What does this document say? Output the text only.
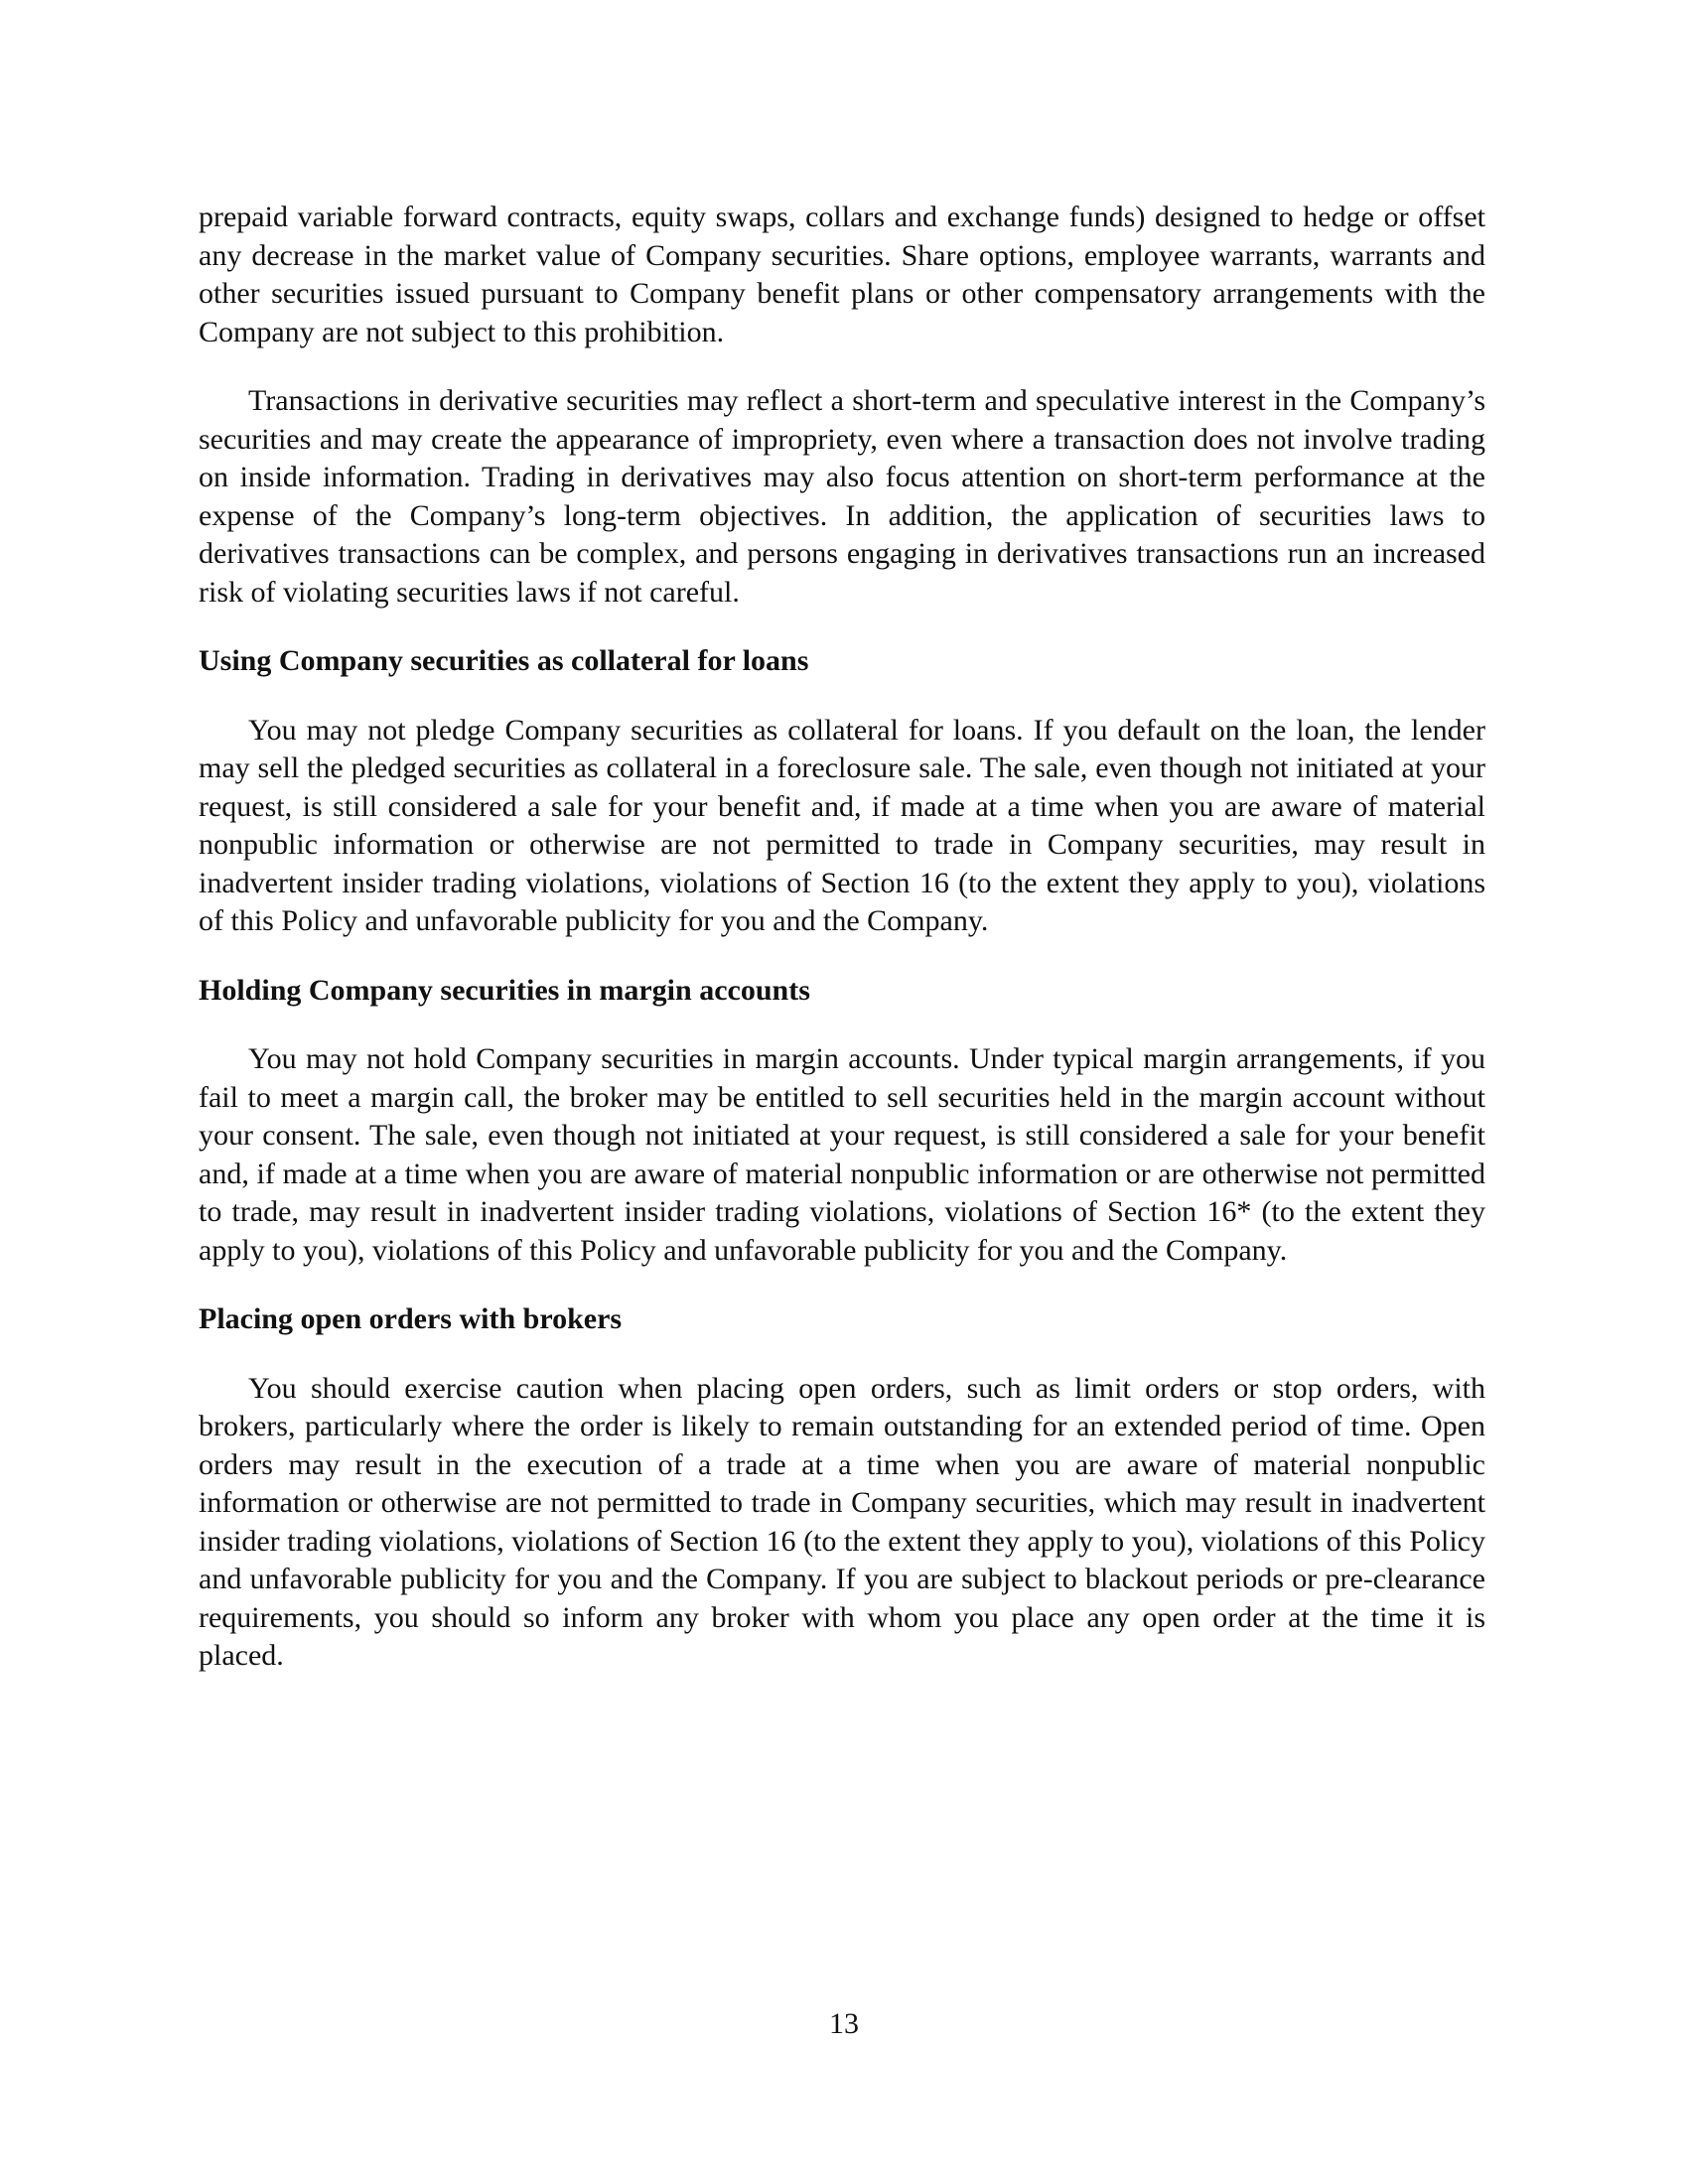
prepaid variable forward contracts, equity swaps, collars and exchange funds) designed to hedge or offset any decrease in the market value of Company securities. Share options, employee warrants, warrants and other securities issued pursuant to Company benefit plans or other compensatory arrangements with the Company are not subject to this prohibition.

Transactions in derivative securities may reflect a short-term and speculative interest in the Company’s securities and may create the appearance of impropriety, even where a transaction does not involve trading on inside information. Trading in derivatives may also focus attention on short-term performance at the expense of the Company’s long-term objectives. In addition, the application of securities laws to derivatives transactions can be complex, and persons engaging in derivatives transactions run an increased risk of violating securities laws if not careful.

Using Company securities as collateral for loans

You may not pledge Company securities as collateral for loans. If you default on the loan, the lender may sell the pledged securities as collateral in a foreclosure sale. The sale, even though not initiated at your request, is still considered a sale for your benefit and, if made at a time when you are aware of material nonpublic information or otherwise are not permitted to trade in Company securities, may result in inadvertent insider trading violations, violations of Section 16 (to the extent they apply to you), violations of this Policy and unfavorable publicity for you and the Company.

Holding Company securities in margin accounts

You may not hold Company securities in margin accounts. Under typical margin arrangements, if you fail to meet a margin call, the broker may be entitled to sell securities held in the margin account without your consent. The sale, even though not initiated at your request, is still considered a sale for your benefit and, if made at a time when you are aware of material nonpublic information or are otherwise not permitted to trade, may result in inadvertent insider trading violations, violations of Section 16* (to the extent they apply to you), violations of this Policy and unfavorable publicity for you and the Company.

Placing open orders with brokers

You should exercise caution when placing open orders, such as limit orders or stop orders, with brokers, particularly where the order is likely to remain outstanding for an extended period of time. Open orders may result in the execution of a trade at a time when you are aware of material nonpublic information or otherwise are not permitted to trade in Company securities, which may result in inadvertent insider trading violations, violations of Section 16 (to the extent they apply to you), violations of this Policy and unfavorable publicity for you and the Company. If you are subject to blackout periods or pre-clearance requirements, you should so inform any broker with whom you place any open order at the time it is placed.

13
